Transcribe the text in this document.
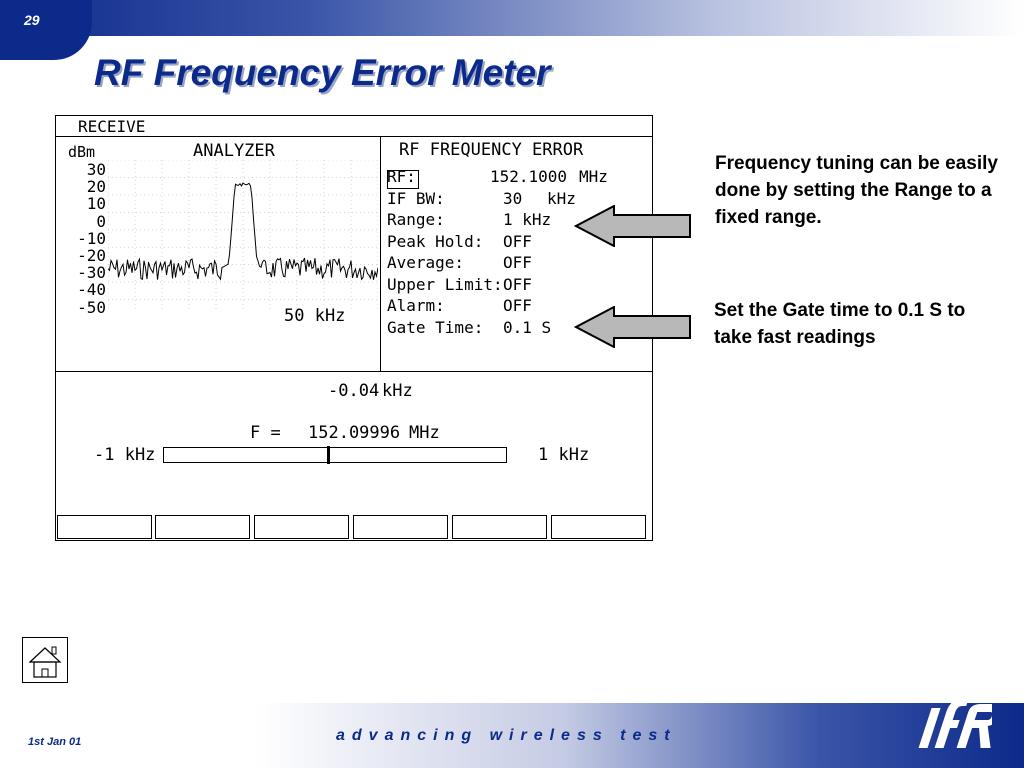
29
RF Frequency Error Meter
RECEIVE
dBm	ANALYZER
30
20
10
0
-10
-20
-30
-40
-50	50 kHz
RF FREQUENCY ERROR
RF:	152.1000 MHz
IF BW:	30 kHz
Range:	1 kHz
Peak Hold: OFF
Average: OFF
Upper Limit: OFF
Alarm:	OFF
Gate Time: 0.1 S
-0.04 kHz
F = 152.09996 MHz
-1 kHz	1 kHz
Frequency tuning can be easily done by setting the Range to a fixed range.
Set the Gate time to 0.1 S to take fast readings
1st Jan 01	advancing wireless test
